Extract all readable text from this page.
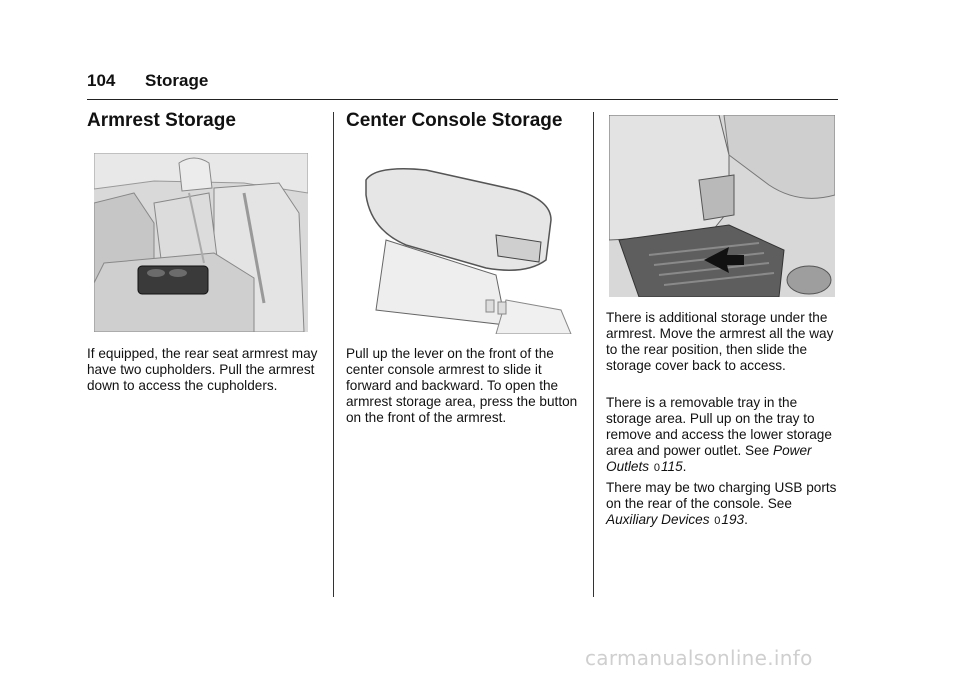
104 Storage
Armrest Storage

If equipped, the rear seat armrest may have two cupholders. Pull the armrest down to access the cupholders.

Center Console Storage

Pull up the lever on the front of the center console armrest to slide it forward and backward. To open the armrest storage area, press the button on the front of the armrest.

There is additional storage under the armrest. Move the armrest all the way to the rear position, then slide the storage cover back to access.

There is a removable tray in the storage area. Pull up on the tray to remove and access the lower storage area and power outlet. See Power Outlets 0115.

There may be two charging USB ports on the rear of the console. See Auxiliary Devices 0193.

carmanualsonline.info
